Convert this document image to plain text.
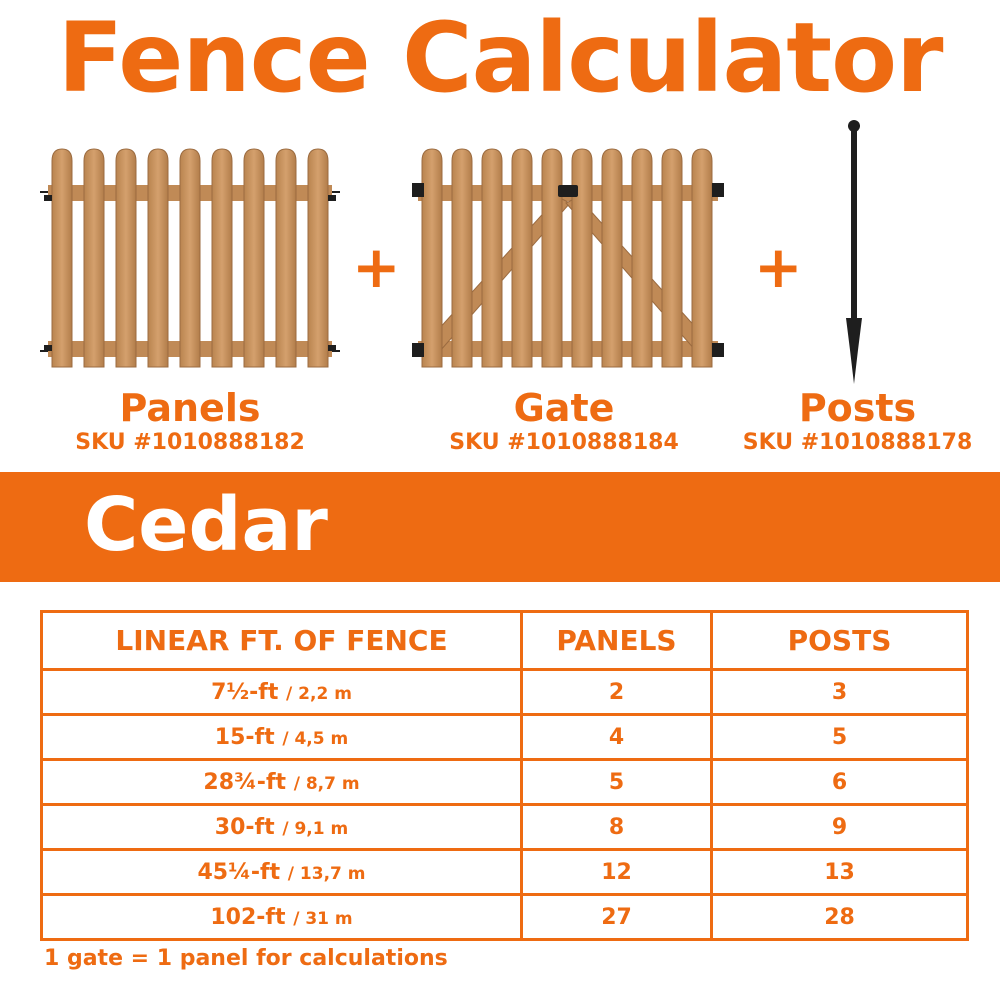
Fence Calculator
+	+
Panels
SKU #1010888182
Gate
SKU #1010888184
Posts
SKU #1010888178
Cedar
LINEAR FT. OF FENCE	PANELS	POSTS
7½-ft / 2,2 m	2	3
15-ft / 4,5 m	4	5
28¾-ft / 8,7 m	5	6
30-ft / 9,1 m	8	9
45¼-ft / 13,7 m	12	13
102-ft / 31 m	27	28
1 gate = 1 panel for calculations
